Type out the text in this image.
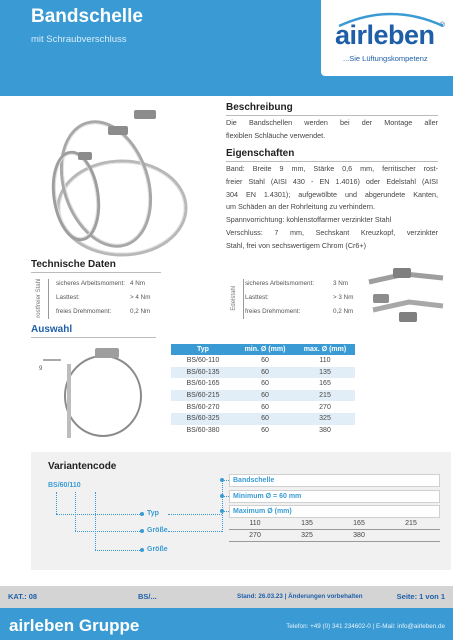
Bandschelle
mit Schraubverschluss	airleben ®
...Sie Lüftungskompetenz
Beschreibung
Die Bandschellen werden bei der Montage aller
flexiblen Schläuche verwendet.
Eigenschaften
Band: Breite 9 mm, Stärke 0,6 mm, ferritischer rost-
freier Stahl (AISI 430 - EN 1.4016) oder Edelstahl (AISI
304 EN 1.4301); aufgewölbte und abgerundete Kanten,
um Schäden an der Rohrleitung zu verhindern.
Spannvorrichtung: kohlenstoffarmer verzinkter Stahl
Verschluss: 7 mm, Sechskant Kreuzkopf, verzinkter
Stahl, frei von sechswertigem Chrom (Cr6+)
Technische Daten
rostfreier Stahl sicheres Arbeitsmoment: 4 Nm
Lasttest:	> 4 Nm
freies Drehmoment:	0,2 Nm
Edelstahl
sicheres Arbeitsmoment:	3 Nm
Lasttest:	> 3 Nm
freies Drehmoment:	0,2 Nm
Auswahl
9
Typ	min. Ø (mm)	max. Ø (mm)
BS/60-110	60	110
BS/60-135	60	135
BS/60-165	60	165
BS/60-215	60	215
BS/60-270	60	270
BS/60-325	60	325
BS/60-380	60	380
Variantencode
BS/60/110
Typ
Größe
Größe
Bandschelle
Minimum Ø = 60 mm
Maximum Ø (mm)
110	135	165	215
270	325	380
KAT.: 08	BS/...	Stand: 26.03.23 | Änderungen vorbehalten	Seite: 1 von 1
airleben Gruppe	Telefon: +49 (0) 341 234602-0 | E-Mail: info@airleben.de
